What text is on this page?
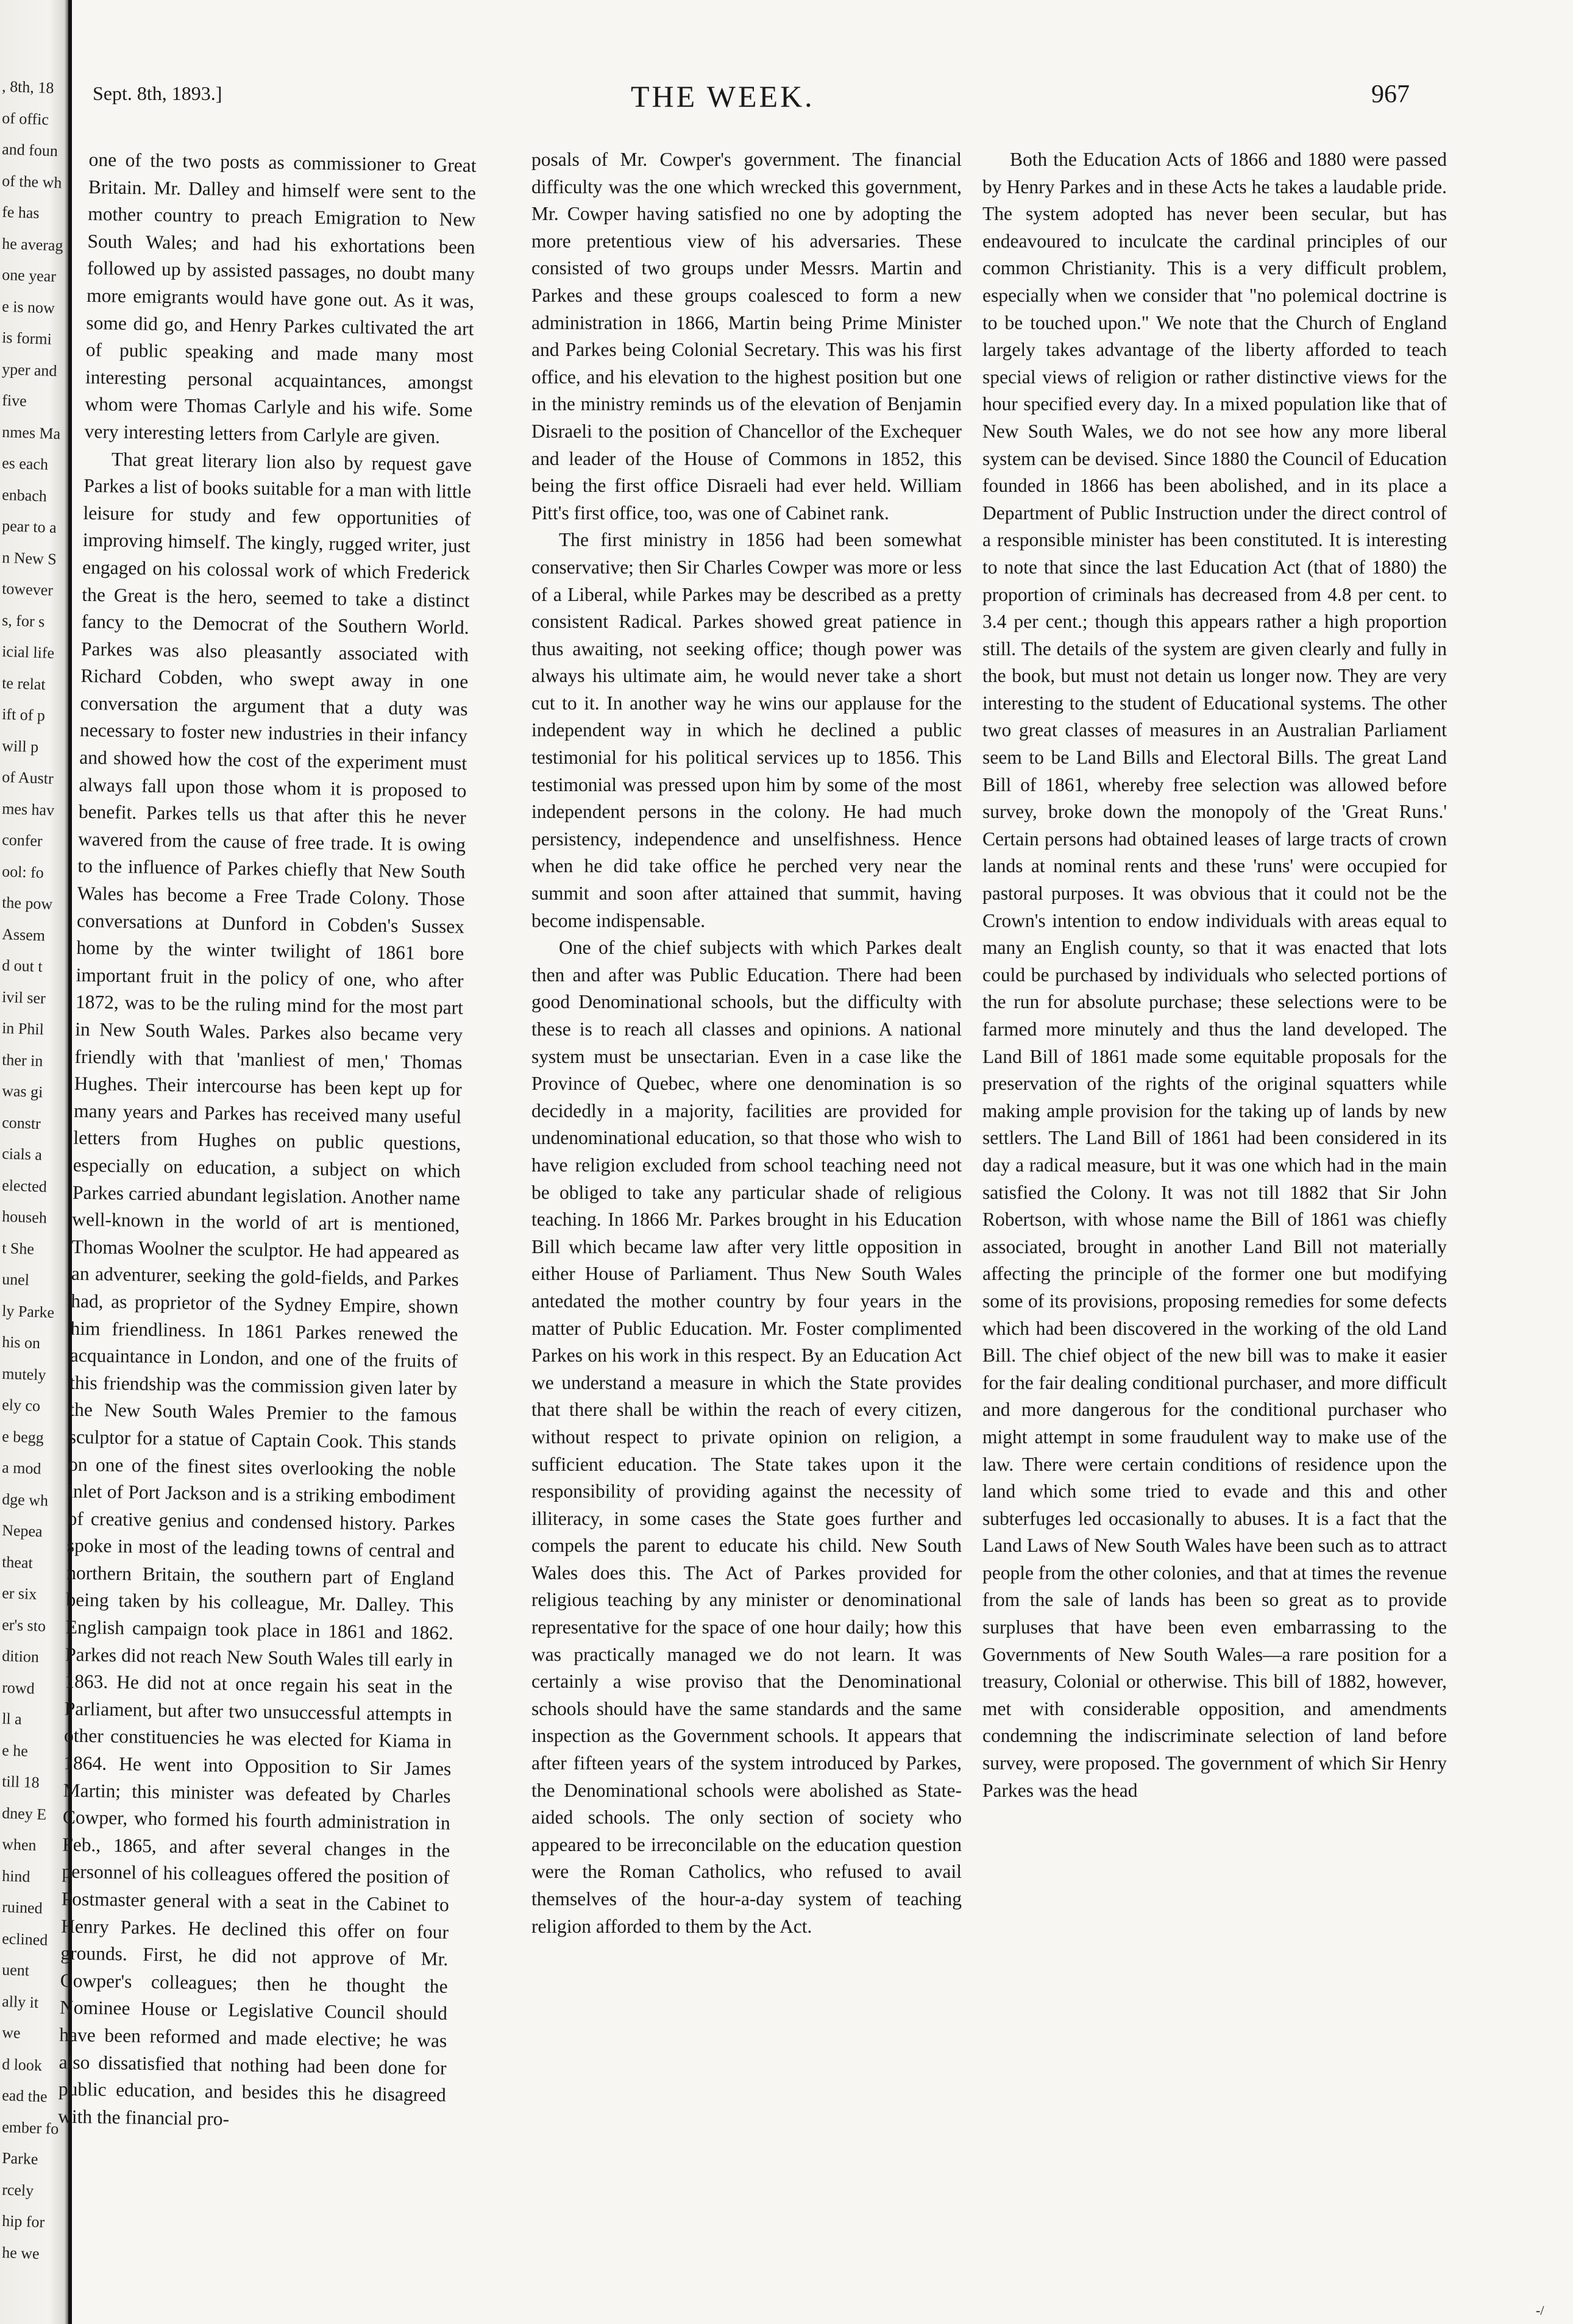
, 8th, 18
of offic
and foun
of the wh
fe has
he averag
one year
e is now
is formi
yper and
five
nmes Ma
es each
enbach
pear to a
n New S
towever
s, for s
icial life
te relat
ift of p
will p
of Austr
mes hav
confer
ool: fo
the pow
Assem
d out t
ivil ser
in Phil
ther in
was gi
constr
cials a
elected
househ
t She
unel
ly Parke
his on
mutely
ely co
e begg
a mod
dge wh
Nepea
theat
er six
er's sto
dition
rowd
ll a
e he
till 18
dney E
when
hind
ruined
eclined
uent
ally it
we
d look
ead the
ember fo
Parke
rcely
hip for
he we
Sept. 8th, 1893.]	THE WEEK.	967

one of the two posts as commissioner to Great Britain. Mr. Dalley and himself were sent to the mother country to preach Emigration to New South Wales; and had his exhortations been followed up by assisted passages, no doubt many more emigrants would have gone out. As it was, some did go, and Henry Parkes cultivated the art of public speaking and made many most interesting personal acquaintances, amongst whom were Thomas Carlyle and his wife. Some very interesting letters from Carlyle are given.

That great literary lion also by request gave Parkes a list of books suitable for a man with little leisure for study and few opportunities of improving himself. The kingly, rugged writer, just engaged on his colossal work of which Frederick the Great is the hero, seemed to take a distinct fancy to the Democrat of the Southern World. Parkes was also pleasantly associated with Richard Cobden, who swept away in one conversation the argument that a duty was necessary to foster new industries in their infancy and showed how the cost of the experiment must always fall upon those whom it is proposed to benefit. Parkes tells us that after this he never wavered from the cause of free trade. It is owing to the influence of Parkes chiefly that New South Wales has become a Free Trade Colony. Those conversations at Dunford in Cobden's Sussex home by the winter twilight of 1861 bore important fruit in the policy of one, who after 1872, was to be the ruling mind for the most part in New South Wales. Parkes also became very friendly with that 'manliest of men,' Thomas Hughes. Their intercourse has been kept up for many years and Parkes has received many useful letters from Hughes on public questions, especially on education, a subject on which Parkes carried abundant legislation. Another name well-known in the world of art is mentioned, Thomas Woolner the sculptor. He had appeared as an adventurer, seeking the gold-fields, and Parkes had, as proprietor of the Sydney Empire, shown him friendliness. In 1861 Parkes renewed the acquaintance in London, and one of the fruits of this friendship was the commission given later by the New South Wales Premier to the famous sculptor for a statue of Captain Cook. This stands on one of the finest sites overlooking the noble inlet of Port Jackson and is a striking embodiment of creative genius and condensed history. Parkes spoke in most of the leading towns of central and northern Britain, the southern part of England being taken by his colleague, Mr. Dalley. This English campaign took place in 1861 and 1862. Parkes did not reach New South Wales till early in 1863. He did not at once regain his seat in the Parliament, but after two unsuccessful attempts in other constituencies he was elected for Kiama in 1864. He went into Opposition to Sir James Martin; this minister was defeated by Charles Cowper, who formed his fourth administration in Feb., 1865, and after several changes in the personnel of his colleagues offered the position of Postmaster general with a seat in the Cabinet to Henry Parkes. He declined this offer on four grounds. First, he did not approve of Mr. Cowper's colleagues; then he thought the Nominee House or Legislative Council should have been reformed and made elective; he was also dissatisfied that nothing had been done for public education, and besides this he disagreed with the financial pro-

posals of Mr. Cowper's government. The financial difficulty was the one which wrecked this government, Mr. Cowper having satisfied no one by adopting the more pretentious view of his adversaries. These consisted of two groups under Messrs. Martin and Parkes and these groups coalesced to form a new administration in 1866, Martin being Prime Minister and Parkes being Colonial Secretary. This was his first office, and his elevation to the highest position but one in the ministry reminds us of the elevation of Benjamin Disraeli to the position of Chancellor of the Exchequer and leader of the House of Commons in 1852, this being the first office Disraeli had ever held. William Pitt's first office, too, was one of Cabinet rank.

The first ministry in 1856 had been somewhat conservative; then Sir Charles Cowper was more or less of a Liberal, while Parkes may be described as a pretty consistent Radical. Parkes showed great patience in thus awaiting, not seeking office; though power was always his ultimate aim, he would never take a short cut to it. In another way he wins our applause for the independent way in which he declined a public testimonial for his political services up to 1856. This testimonial was pressed upon him by some of the most independent persons in the colony. He had much persistency, independence and unselfishness. Hence when he did take office he perched very near the summit and soon after attained that summit, having become indispensable.

One of the chief subjects with which Parkes dealt then and after was Public Education. There had been good Denominational schools, but the difficulty with these is to reach all classes and opinions. A national system must be unsectarian. Even in a case like the Province of Quebec, where one denomination is so decidedly in a majority, facilities are provided for undenominational education, so that those who wish to have religion excluded from school teaching need not be obliged to take any particular shade of religious teaching. In 1866 Mr. Parkes brought in his Education Bill which became law after very little opposition in either House of Parliament. Thus New South Wales antedated the mother country by four years in the matter of Public Education. Mr. Foster complimented Parkes on his work in this respect. By an Education Act we understand a measure in which the State provides that there shall be within the reach of every citizen, without respect to private opinion on religion, a sufficient education. The State takes upon it the responsibility of providing against the necessity of illiteracy, in some cases the State goes further and compels the parent to educate his child. New South Wales does this. The Act of Parkes provided for religious teaching by any minister or denominational representative for the space of one hour daily; how this was practically managed we do not learn. It was certainly a wise proviso that the Denominational schools should have the same standards and the same inspection as the Government schools. It appears that after fifteen years of the system introduced by Parkes, the Denominational schools were abolished as State-aided schools. The only section of society who appeared to be irreconcilable on the education question were the Roman Catholics, who refused to avail themselves of the hour-a-day system of teaching religion afforded to them by the Act.

Both the Education Acts of 1866 and 1880 were passed by Henry Parkes and in these Acts he takes a laudable pride. The system adopted has never been secular, but has endeavoured to inculcate the cardinal principles of our common Christianity. This is a very difficult problem, especially when we consider that "no polemical doctrine is to be touched upon." We note that the Church of England largely takes advantage of the liberty afforded to teach special views of religion or rather distinctive views for the hour specified every day. In a mixed population like that of New South Wales, we do not see how any more liberal system can be devised. Since 1880 the Council of Education founded in 1866 has been abolished, and in its place a Department of Public Instruction under the direct control of a responsible minister has been constituted. It is interesting to note that since the last Education Act (that of 1880) the proportion of criminals has decreased from 4.8 per cent. to 3.4 per cent.; though this appears rather a high proportion still. The details of the system are given clearly and fully in the book, but must not detain us longer now. They are very interesting to the student of Educational systems. The other two great classes of measures in an Australian Parliament seem to be Land Bills and Electoral Bills. The great Land Bill of 1861, whereby free selection was allowed before survey, broke down the monopoly of the 'Great Runs.' Certain persons had obtained leases of large tracts of crown lands at nominal rents and these 'runs' were occupied for pastoral purposes. It was obvious that it could not be the Crown's intention to endow individuals with areas equal to many an English county, so that it was enacted that lots could be purchased by individuals who selected portions of the run for absolute purchase; these selections were to be farmed more minutely and thus the land developed. The Land Bill of 1861 made some equitable proposals for the preservation of the rights of the original squatters while making ample provision for the taking up of lands by new settlers. The Land Bill of 1861 had been considered in its day a radical measure, but it was one which had in the main satisfied the Colony. It was not till 1882 that Sir John Robertson, with whose name the Bill of 1861 was chiefly associated, brought in another Land Bill not materially affecting the principle of the former one but modifying some of its provisions, proposing remedies for some defects which had been discovered in the working of the old Land Bill. The chief object of the new bill was to make it easier for the fair dealing conditional purchaser, and more difficult and more dangerous for the conditional purchaser who might attempt in some fraudulent way to make use of the law. There were certain conditions of residence upon the land which some tried to evade and this and other subterfuges led occasionally to abuses. It is a fact that the Land Laws of New South Wales have been such as to attract people from the other colonies, and that at times the revenue from the sale of lands has been so great as to provide surpluses that have been even embarrassing to the Governments of New South Wales—a rare position for a treasury, Colonial or otherwise. This bill of 1882, however, met with considerable opposition, and amendments condemning the indiscriminate selection of land before survey, were proposed. The government of which Sir Henry Parkes was the head

-/
